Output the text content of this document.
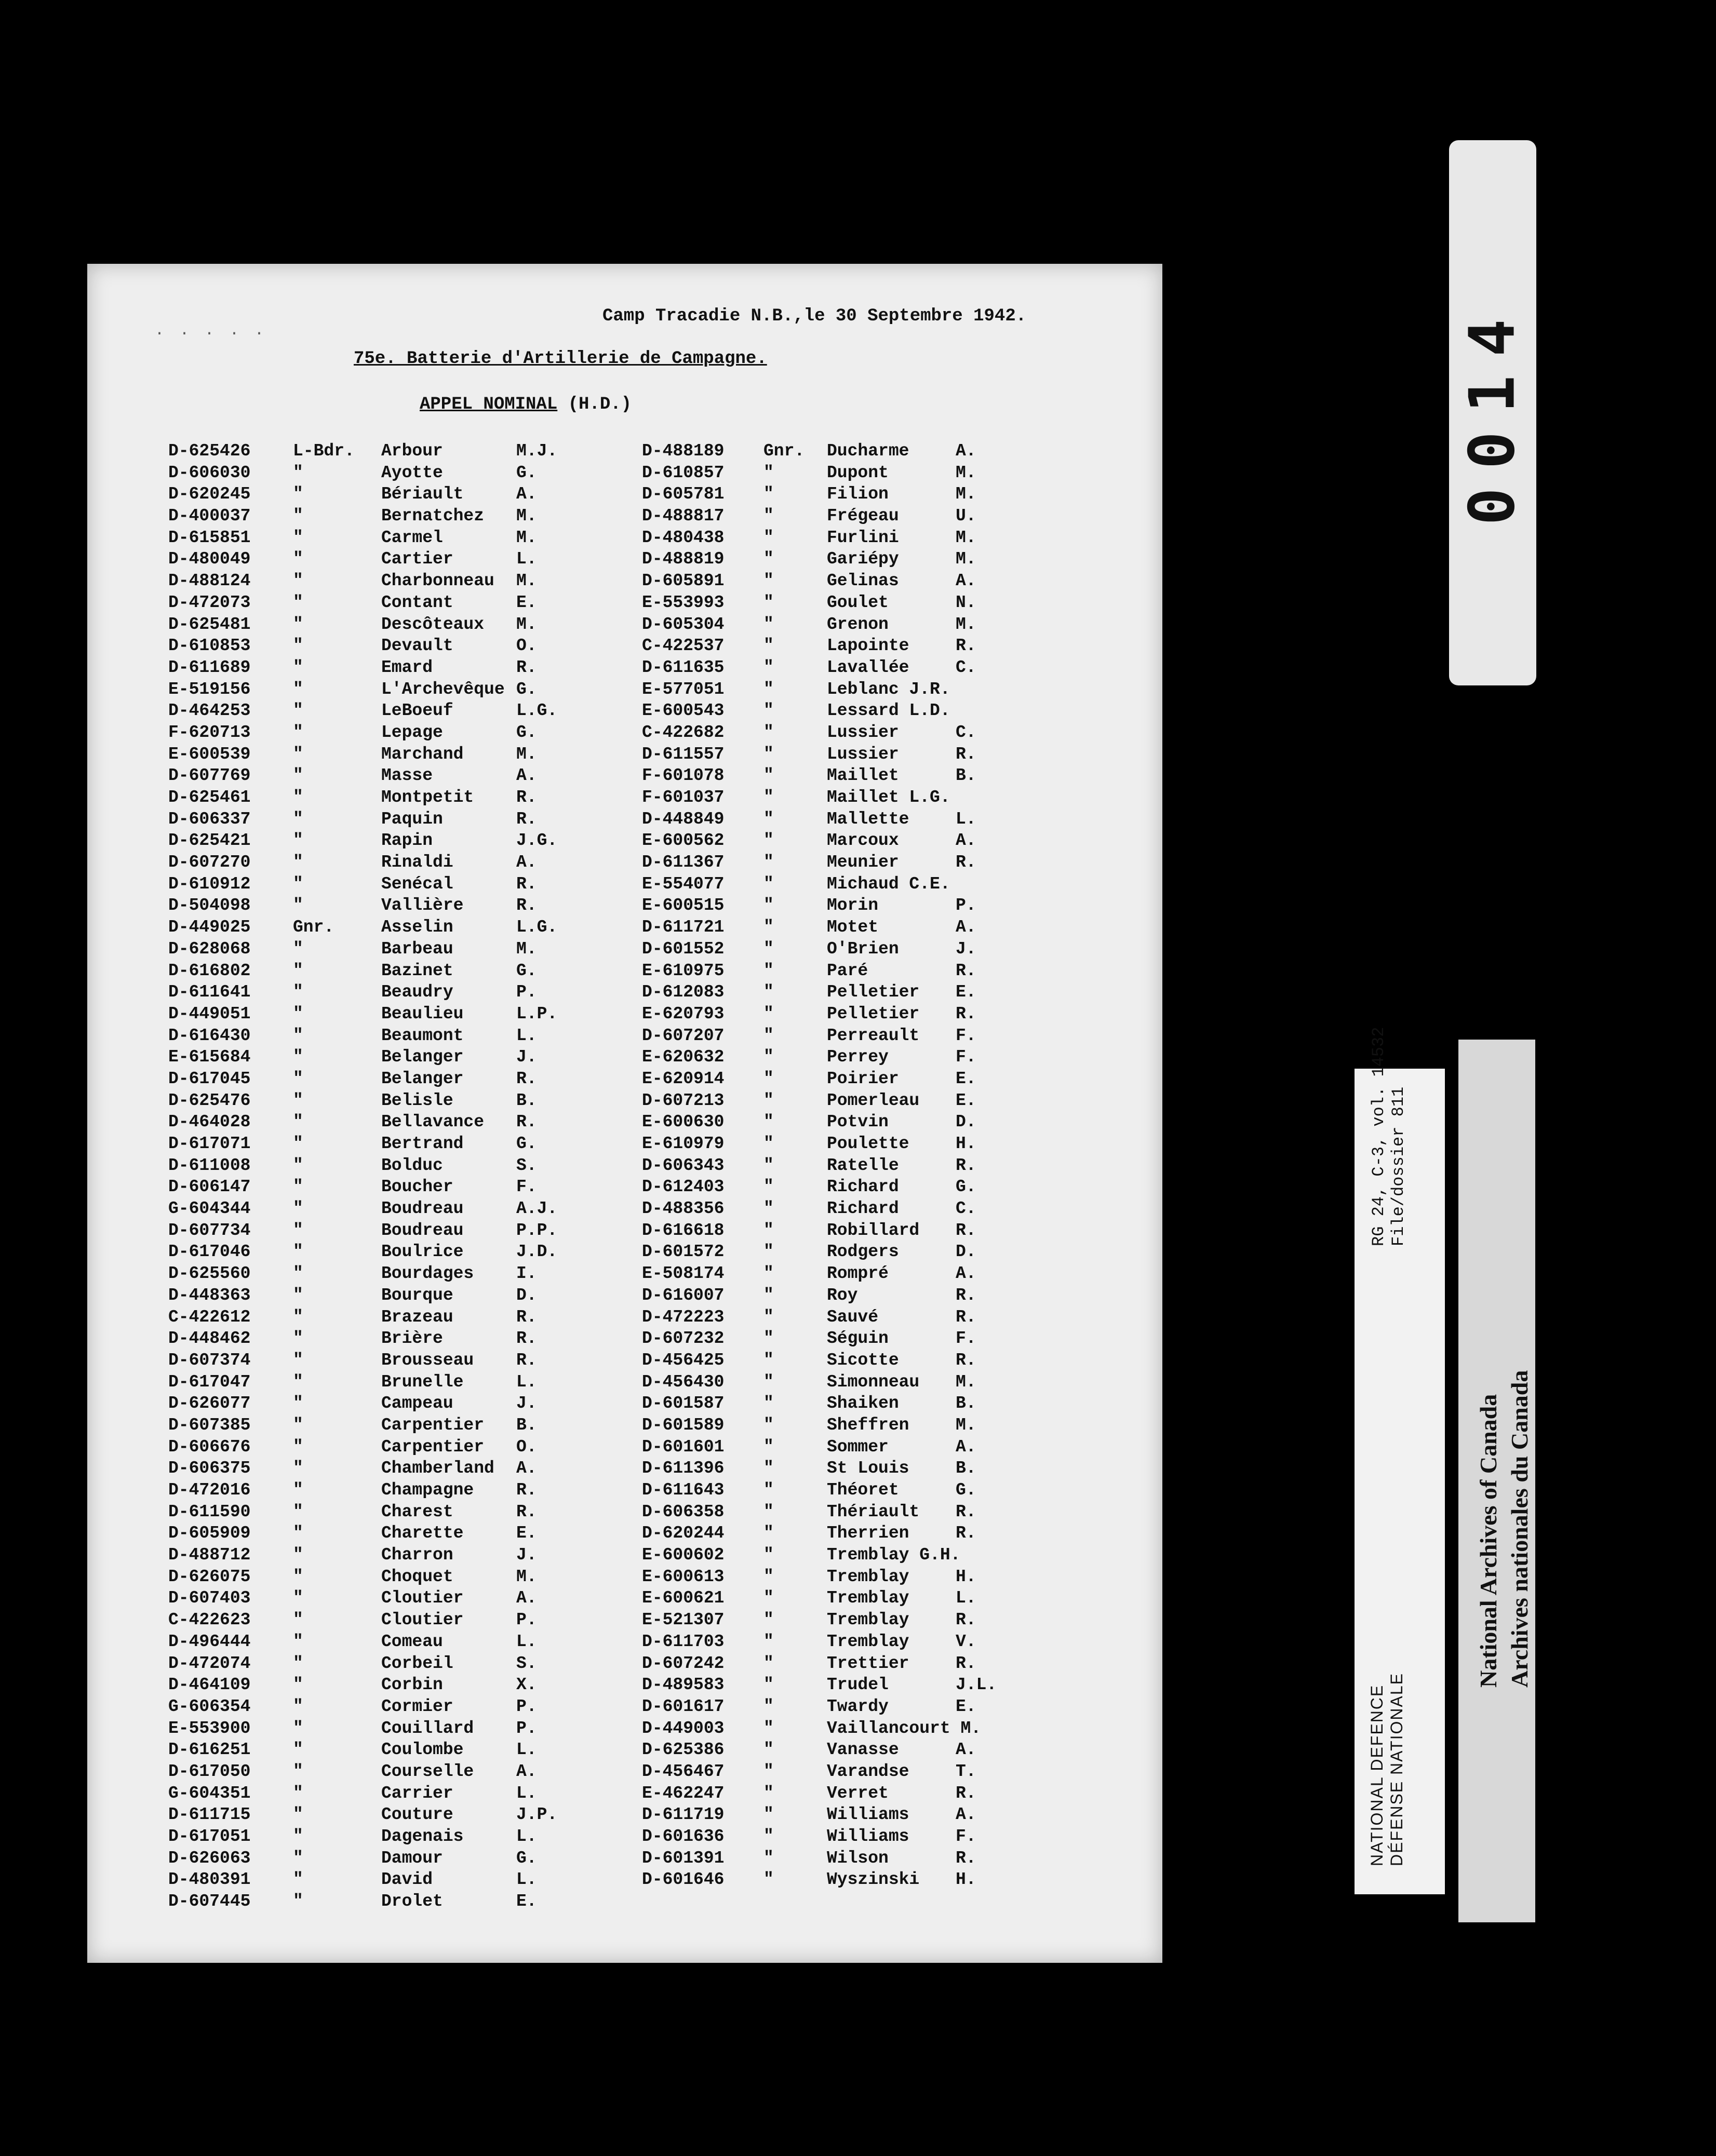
. . . . .
Camp Tracadie N.B.,le 30 Septembre 1942.
75e. Batterie d'Artillerie de Campagne.
APPEL NOMINAL (H.D.)
D-625426 L-Bdr. Arbour	M.J.
D-606030 "	Ayotte	G.
D-620245 "	Bériault	A.
D-400037 "	Bernatchez M.
D-615851 "	Carmel	M.
D-480049 "	Cartier	L.
D-488124 "	Charbonneau M.
D-472073 "	Contant	E.
D-625481 "	Descôteaux M.
D-610853 "	Devault	O.
D-611689 "	Emard	R.
E-519156 "	L'Archevêque G.
D-464253 "	LeBoeuf	L.G.
F-620713 "	Lepage	G.
E-600539 "	Marchand	M.
D-607769 "	Masse	A.
D-625461 "	Montpetit R.
D-606337 "	Paquin	R.
D-625421 "	Rapin	J.G.
D-607270 "	Rinaldi	A.
D-610912 "	Senécal	R.
D-504098 "	Vallière	R.
D-449025 Gnr.	Asselin	L.G.
D-628068 "	Barbeau	M.
D-616802 "	Bazinet	G.
D-611641 "	Beaudry	P.
D-449051 "	Beaulieu	L.P.
D-616430 "	Beaumont	L.
E-615684 "	Belanger	J.
D-617045 "	Belanger	R.
D-625476 "	Belisle	B.
D-464028 "	Bellavance R.
D-617071 "	Bertrand	G.
D-611008 "	Bolduc	S.
D-606147 "	Boucher	F.
G-604344 "	Boudreau	A.J.
D-607734 "	Boudreau	P.P.
D-617046 "	Boulrice	J.D.
D-625560 "	Bourdages I.
D-448363 "	Bourque	D.
C-422612 "	Brazeau	R.
D-448462 "	Brière	R.
D-607374 "	Brousseau R.
D-617047 "	Brunelle	L.
D-626077 "	Campeau	J.
D-607385 "	Carpentier B.
D-606676 "	Carpentier O.
D-606375 "	Chamberland A.
D-472016 "	Champagne R.
D-611590 "	Charest	R.
D-605909 "	Charette	E.
D-488712 "	Charron	J.
D-626075 "	Choquet	M.
D-607403 "	Cloutier	A.
C-422623 "	Cloutier	P.
D-496444 "	Comeau	L.
D-472074 "	Corbeil	S.
D-464109 "	Corbin	X.
G-606354 "	Cormier	P.
E-553900 "	Couillard P.
D-616251 "	Coulombe	L.
D-617050 "	Courselle A.
G-604351 "	Carrier	L.
D-611715 "	Couture	J.P.
D-617051 "	Dagenais	L.
D-626063 "	Damour	G.
D-480391 "	David	L.
D-607445 "	Drolet	E.
D-488189 Gnr. Ducharme	A.
D-610857 "	Dupont	M.
D-605781 "	Filion	M.
D-488817 "	Frégeau	U.
D-480438 "	Furlini	M.
D-488819 "	Gariépy	M.
D-605891 "	Gelinas	A.
E-553993 "	Goulet	N.
D-605304 "	Grenon	M.
C-422537 "	Lapointe	R.
D-611635 "	Lavallée	C.
E-577051 "	Leblanc J.R.
E-600543 "	Lessard L.D.
C-422682 "	Lussier	C.
D-611557 "	Lussier	R.
F-601078 "	Maillet	B.
F-601037 "	Maillet L.G.
D-448849 "	Mallette	L.
E-600562 "	Marcoux	A.
D-611367 "	Meunier	R.
E-554077 "	Michaud C.E.
E-600515 "	Morin	P.
D-611721 "	Motet	A.
D-601552 "	O'Brien	J.
E-610975 "	Paré	R.
D-612083 "	Pelletier E.
E-620793 "	Pelletier R.
D-607207 "	Perreault F.
E-620632 "	Perrey	F.
E-620914 "	Poirier	E.
D-607213 "	Pomerleau E.
E-600630 "	Potvin	D.
E-610979 "	Poulette	H.
D-606343 "	Ratelle	R.
D-612403 "	Richard	G.
D-488356 "	Richard	C.
D-616618 "	Robillard R.
D-601572 "	Rodgers	D.
E-508174 "	Rompré	A.
D-616007 "	Roy	R.
D-472223 "	Sauvé	R.
D-607232 "	Séguin	F.
D-456425 "	Sicotte	R.
D-456430 "	Simonneau M.
D-601587 "	Shaiken	B.
D-601589 "	Sheffren	M.
D-601601 "	Sommer	A.
D-611396 "	St Louis	B.
D-611643 "	Théoret	G.
D-606358 "	Thériault R.
D-620244 "	Therrien	R.
E-600602 "	Tremblay G.H.
E-600613 "	Tremblay	H.
E-600621 "	Tremblay	L.
E-521307 "	Tremblay	R.
D-611703 "	Tremblay	V.
D-607242 "	Trettier	R.
D-489583 "	Trudel	J.L.
D-601617 "	Twardy	E.
D-449003 "	Vaillancourt M.
D-625386 "	Vanasse	A.
D-456467 "	Varandse	T.
E-462247 "	Verret	R.
D-611719 "	Williams	A.
D-601636 "	Williams	F.
D-601391 "	Wilson	R.
D-601646 "	Wyszinski H.
0014
RG 24, C-3, vol. 14532 File/dossier 811
NATIONAL DEFENCE DÉFENSE NATIONALE
National Archives of Canada Archives nationales du Canada
